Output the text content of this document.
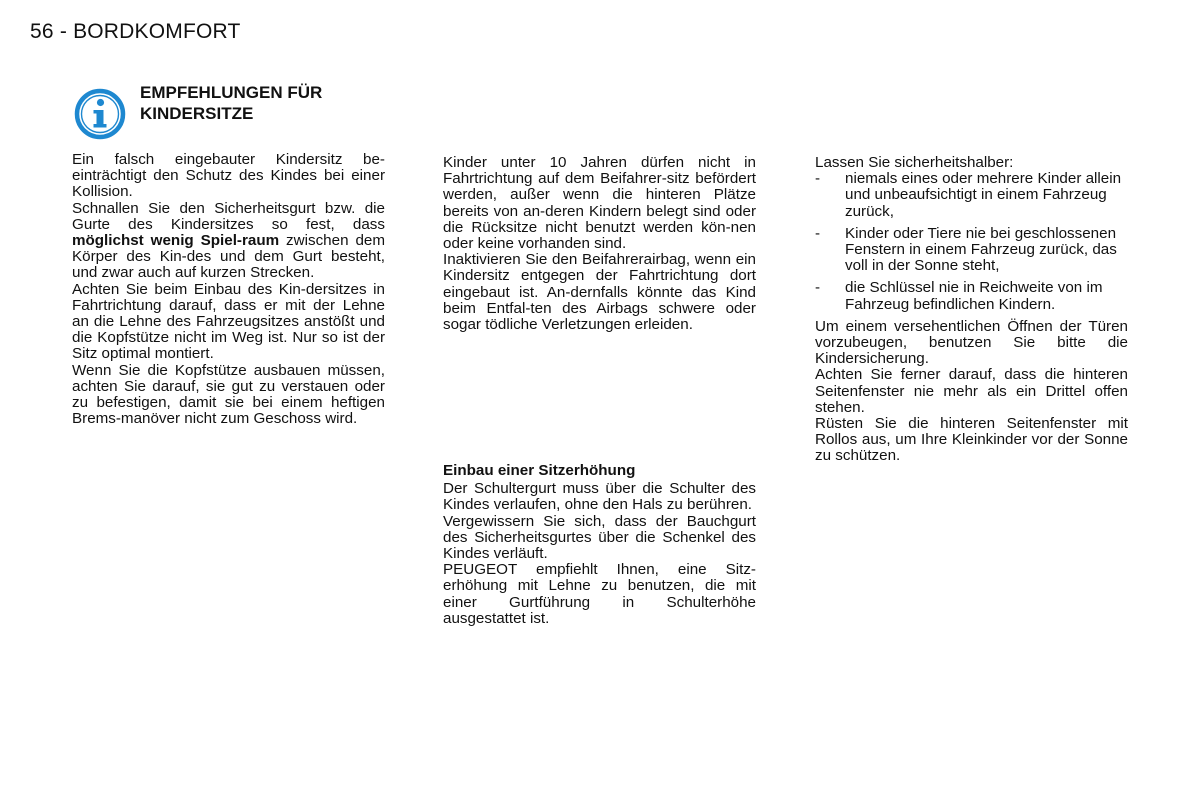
56 - BORDKOMFORT
EMPFEHLUNGEN FÜR
KINDERSITZE

Ein falsch eingebauter Kindersitz be-einträchtigt den Schutz des Kindes bei einer Kollision.

Schnallen Sie den Sicherheitsgurt bzw. die Gurte des Kindersitzes so fest, dass möglichst wenig Spiel-raum zwischen dem Körper des Kin-des und dem Gurt besteht, und zwar auch auf kurzen Strecken.

Achten Sie beim Einbau des Kin-dersitzes in Fahrtrichtung darauf, dass er mit der Lehne an die Lehne des Fahrzeugsitzes anstößt und die Kopfstütze nicht im Weg ist. Nur so ist der Sitz optimal montiert.

Wenn Sie die Kopfstütze ausbauen müssen, achten Sie darauf, sie gut zu verstauen oder zu befestigen, damit sie bei einem heftigen Brems-manöver nicht zum Geschoss wird.

Kinder unter 10 Jahren dürfen nicht in Fahrtrichtung auf dem Beifahrer-sitz befördert werden, außer wenn die hinteren Plätze bereits von an-deren Kindern belegt sind oder die Rücksitze nicht benutzt werden kön-nen oder keine vorhanden sind.

Inaktivieren Sie den Beifahrerairbag, wenn ein Kindersitz entgegen der Fahrtrichtung dort eingebaut ist. An-dernfalls könnte das Kind beim Entfal-ten des Airbags schwere oder sogar tödliche Verletzungen erleiden.

Einbau einer Sitzerhöhung

Der Schultergurt muss über die Schulter des Kindes verlaufen, ohne den Hals zu berühren.

Vergewissern Sie sich, dass der Bauchgurt des Sicherheitsgurtes über die Schenkel des Kindes verläuft.

PEUGEOT empfiehlt Ihnen, eine Sitz-erhöhung mit Lehne zu benutzen, die mit einer Gurtführung in Schulterhöhe ausgestattet ist.

Lassen Sie sicherheitshalber:

-	niemals eines oder mehrere Kinder allein und unbeaufsichtigt in einem Fahrzeug zurück,
-	Kinder oder Tiere nie bei geschlossenen Fenstern in einem Fahrzeug zurück, das voll in der Sonne steht,
-	die Schlüssel nie in Reichweite von im Fahrzeug befindlichen Kindern.

Um einem versehentlichen Öffnen der Türen vorzubeugen, benutzen Sie bitte die Kindersicherung.

Achten Sie ferner darauf, dass die hinteren Seitenfenster nie mehr als ein Drittel offen stehen.

Rüsten Sie die hinteren Seitenfenster mit Rollos aus, um Ihre Kleinkinder vor der Sonne zu schützen.
